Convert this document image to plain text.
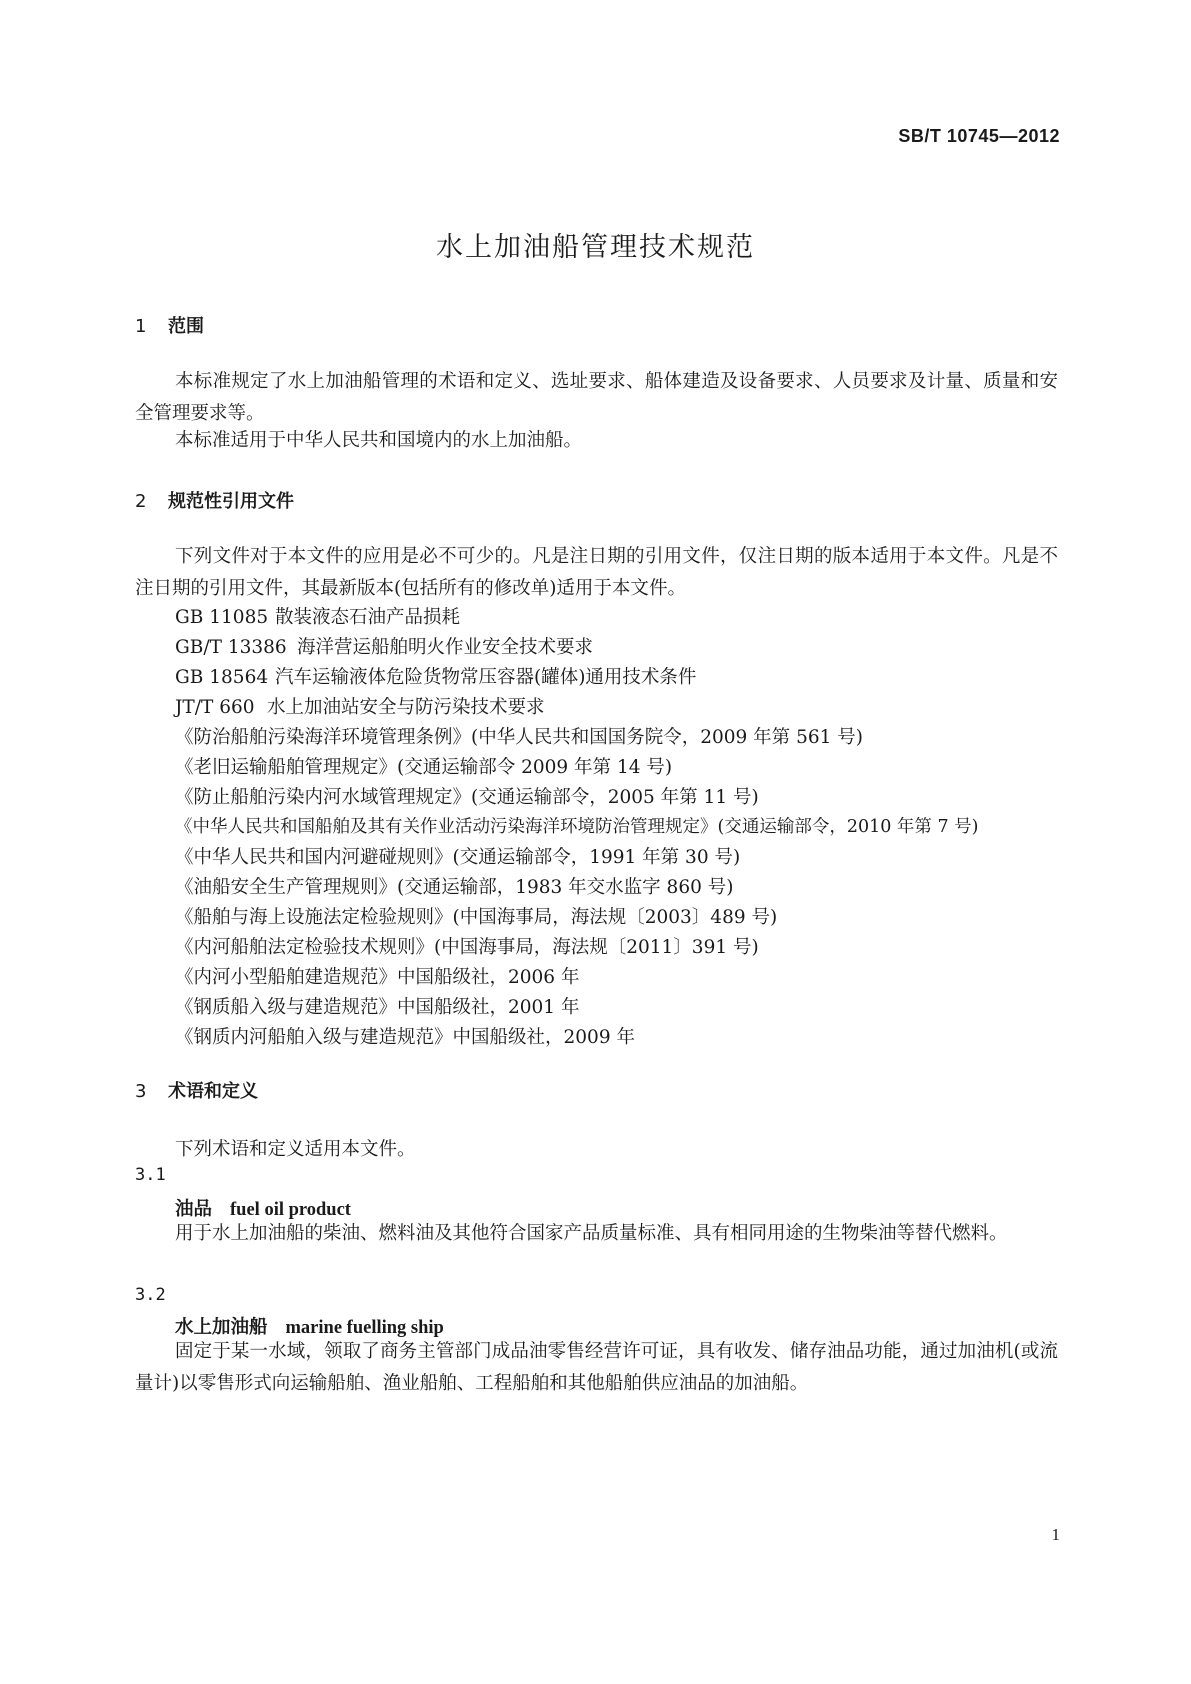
SB/T 10745—2012
水上加油船管理技术规范
1 范围

本标准规定了水上加油船管理的术语和定义、选址要求、船体建造及设备要求、人员要求及计量、质量和安全管理要求等。

本标准适用于中华人民共和国境内的水上加油船。

2 规范性引用文件

下列文件对于本文件的应用是必不可少的。凡是注日期的引用文件，仅注日期的版本适用于本文件。凡是不注日期的引用文件，其最新版本(包括所有的修改单)适用于本文件。

GB 11085 散装液态石油产品损耗
GB/T 13386 海洋营运船舶明火作业安全技术要求
GB 18564 汽车运输液体危险货物常压容器(罐体)通用技术条件
JT/T 660 水上加油站安全与防污染技术要求
《防治船舶污染海洋环境管理条例》(中华人民共和国国务院令，2009 年第 561 号)
《老旧运输船舶管理规定》(交通运输部令 2009 年第 14 号)
《防止船舶污染内河水域管理规定》(交通运输部令，2005 年第 11 号)
《中华人民共和国船舶及其有关作业活动污染海洋环境防治管理规定》(交通运输部令，2010 年第 7 号)
《中华人民共和国内河避碰规则》(交通运输部令，1991 年第 30 号)
《油船安全生产管理规则》(交通运输部，1983 年交水监字 860 号)
《船舶与海上设施法定检验规则》(中国海事局，海法规〔2003〕489 号)
《内河船舶法定检验技术规则》(中国海事局，海法规〔2011〕391 号)
《内河小型船舶建造规范》中国船级社，2006 年
《钢质船入级与建造规范》中国船级社，2001 年
《钢质内河船舶入级与建造规范》中国船级社，2009 年
3 术语和定义
下列术语和定义适用本文件。
3.1
油品 fuel oil product

用于水上加油船的柴油、燃料油及其他符合国家产品质量标准、具有相同用途的生物柴油等替代燃料。

3.2
水上加油船 marine fuelling ship

固定于某一水域，领取了商务主管部门成品油零售经营许可证，具有收发、储存油品功能，通过加油机(或流量计)以零售形式向运输船舶、渔业船舶、工程船舶和其他船舶供应油品的加油船。

1
